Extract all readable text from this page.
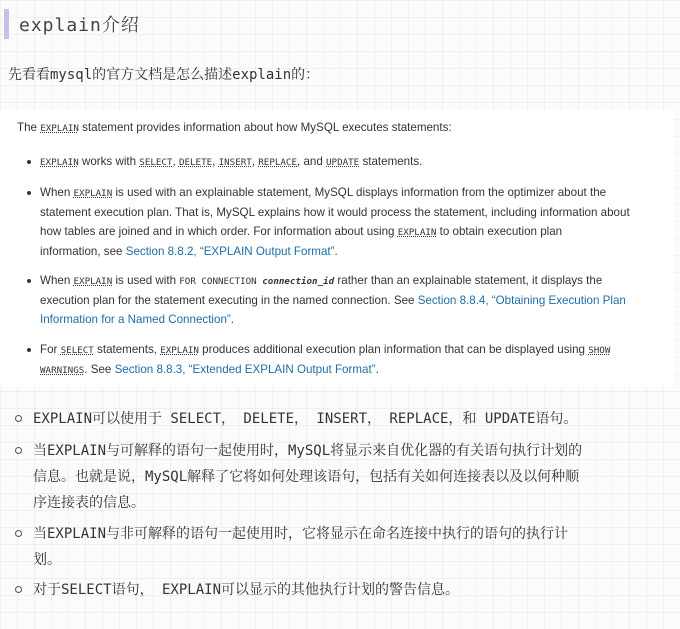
explain介绍
先看看mysql的官方文档是怎么描述explain的：
The EXPLAIN statement provides information about how MySQL executes statements:
EXPLAIN works with SELECT, DELETE, INSERT, REPLACE, and UPDATE statements.
When EXPLAIN is used with an explainable statement, MySQL displays information from the optimizer about the
statement execution plan. That is, MySQL explains how it would process the statement, including information about
how tables are joined and in which order. For information about using EXPLAIN to obtain execution plan
information, see Section 8.8.2, “EXPLAIN Output Format”.
When EXPLAIN is used with FOR CONNECTION connection_id rather than an explainable statement, it displays the
execution plan for the statement executing in the named connection. See Section 8.8.4, “Obtaining Execution Plan
Information for a Named Connection”.
For SELECT statements, EXPLAIN produces additional execution plan information that can be displayed using SHOW
WARNINGS. See Section 8.8.3, “Extended EXPLAIN Output Format”.
EXPLAIN可以使用于 SELECT， DELETE， INSERT， REPLACE，和 UPDATE语句。
当EXPLAIN与可解释的语句一起使用时，MySQL将显示来自优化器的有关语句执行计划的
信息。也就是说，MySQL解释了它将如何处理该语句，包括有关如何连接表以及以何种顺
序连接表的信息。
当EXPLAIN与非可解释的语句一起使用时，它将显示在命名连接中执行的语句的执行计
划。
对于SELECT语句， EXPLAIN可以显示的其他执行计划的警告信息。
